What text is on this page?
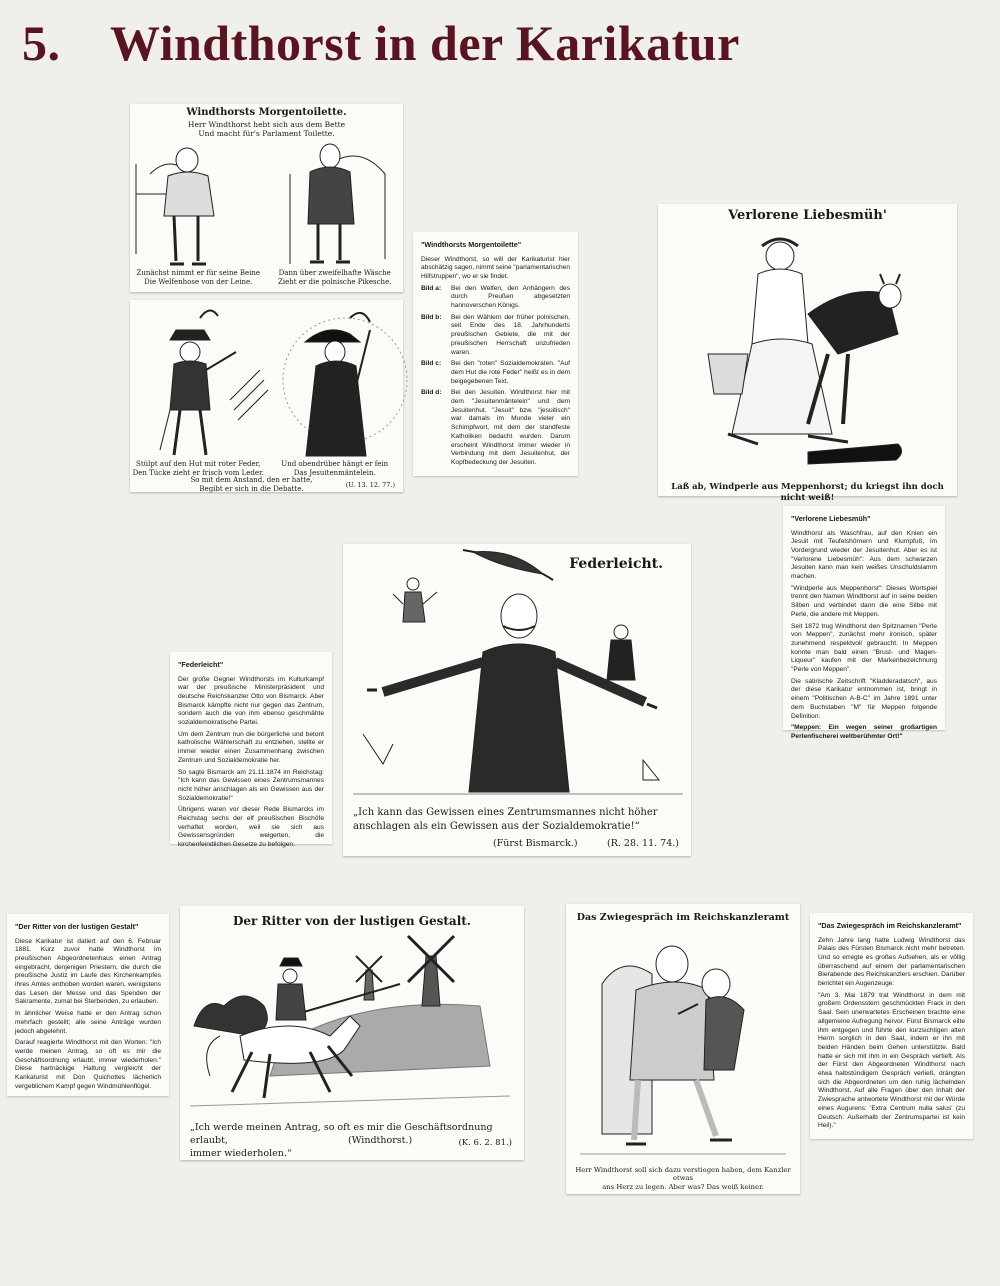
5. Windthorst in der Karikatur
Windthorsts Morgentoilette.
Herr Windthorst hebt sich aus dem Bette
Und macht für's Parlament Toilette.
Zunächst nimmt er für seine Beine
Die Welfenhose von der Leine.
Dann über zweifelhafte Wäsche
Zieht er die polnische Pikesche.
Stülpt auf den Hut mit roter Feder,
Den Tücke zieht er frisch vom Leder.
Und obendrüber hängt er fein
Das Jesuitenmäntelein.
So mit dem Anstand, den er hatte,
Begibt er sich in die Debatte.	(U. 13. 12. 77.)
"Windthorsts Morgentoilette"

Dieser Windthorst, so will der Karikaturist hier abschätzig sagen, nimmt seine "parlamentarischen Hilfstruppen", wo er sie findet.

Bild a:	Bei den Welfen, den Anhängern des durch Preußen abgesetzten hannoverschen Königs.
Bild b:	Bei den Wählern der früher polnischen, seit Ende des 18. Jahrhunderts preußischen Gebiete, die mit der preußischen Herrschaft unzufrieden waren.
Bild c:	Bei den "roten" Sozialdemokraten. "Auf dem Hut die rote Feder" heißt es in dem beigegebenen Text.
Bild d:	Bei den Jesuiten. Windthorst hier mit dem "Jesuitenmäntelein" und dem Jesuitenhut. "Jesuit" bzw. "jesuitisch" war damals im Munde vieler ein Schimpfwort, mit dem der standfeste Katholiken bedacht wurden. Darum erscheint Windthorst immer wieder in Verbindung mit dem Jesuitenhut, der Kopfbedeckung der Jesuiten.
Verlorene Liebesmüh'
Laß ab, Windperle aus Meppenhorst; du kriegst ihn doch nicht weiß!
"Verlorene Liebesmüh"

Windthorst als Waschfrau, auf den Knien ein Jesuit mit Teufelshörnern und Klumpfuß, im Vordergrund wieder der Jesuitenhut. Aber es ist "Verlorene Liebesmüh": Aus dem schwarzen Jesuiten kann man kein weißes Unschuldslamm machen.

"Windperle aus Meppenhorst": Dieses Wortspiel trennt den Namen Windthorst auf in seine beiden Silben und verbindet dann die eine Silbe mit Perle, die andere mit Meppen.

Seit 1872 trug Windthorst den Spitznamen "Perle von Meppen", zunächst mehr ironisch, später zunehmend respektvoll gebraucht. In Meppen konnte man bald einen "Brust- und Magen-Liqueur" kaufen mit der Markenbezeichnung "Perle von Meppen".

Die satirische Zeitschrift "Kladderadatsch", aus der diese Karikatur entnommen ist, bringt in einem "Politischen A-B-C" im Jahre 1891 unter dem Buchstaben "M" für Meppen folgende Definition:

"Meppen: Ein wegen seiner großartigen Perlenfischerei weltberühmter Ort!"

Federleicht.
„Ich kann das Gewissen eines Zentrumsmannes nicht höher
anschlagen als ein Gewissen aus der Sozialdemokratie!“
(Fürst Bismarck.)	(R. 28. 11. 74.)
"Federleicht"

Der große Gegner Windthorsts im Kulturkampf war der preußische Ministerpräsident und deutsche Reichskanzler Otto von Bismarck. Aber Bismarck kämpfte nicht nur gegen das Zentrum, sondern auch die von ihm ebenso geschmähte sozialdemokratische Partei.

Um dem Zentrum nun die bürgerliche und betont katholische Wählerschaft zu entziehen, stellte er immer wieder einen Zusammenhang zwischen Zentrum und Sozialdemokratie her.

So sagte Bismarck am 21.11.1874 im Reichstag: "Ich kann das Gewissen eines Zentrumsmannes nicht höher anschlagen als ein Gewissen aus der Sozialdemokratie!"

Übrigens waren vor dieser Rede Bismarcks im Reichstag sechs der elf preußischen Bischöfe verhaftet worden, weil sie sich aus Gewissensgründen weigerten, die kirchenfeindlichen Gesetze zu befolgen.

"Der Ritter von der lustigen Gestalt"

Diese Karikatur ist datiert auf den 6. Februar 1881. Kurz zuvor hatte Windthorst im preußischen Abgeordnetenhaus einen Antrag eingebracht, denjenigen Priestern, die durch die preußische Justiz im Laufe des Kirchenkampfes ihres Amtes enthoben worden waren, wenigstens das Lesen der Messe und das Spenden der Sakramente, zumal bei Sterbenden, zu erlauben.

In ähnlicher Weise hatte er den Antrag schon mehrfach gestellt; alle seine Anträge wurden jedoch abgelehnt.

Darauf reagierte Windthorst mit den Worten: "Ich werde meinen Antrag, so oft es mir die Geschäftsordnung erlaubt, immer wiederholen." Diese hartnäckige Haltung vergleicht der Karikaturist mit Don Quichottes lächerlich vergeblichem Kampf gegen Windmühlenflügel.

Der Ritter von der lustigen Gestalt.
„Ich werde meinen Antrag, so oft es mir die Geschäftsordnung erlaubt,
immer wiederholen.“
(Windthorst.)	(K. 6. 2. 81.)
Das Zwiegespräch im Reichskanzleramt
Herr Windthorst soll sich dazu verstiegen haben, dem Kanzler etwas
ans Herz zu legen. Aber was? Das weiß keiner.
"Das Zwiegespräch im Reichskanzleramt"

Zehn Jahre lang hatte Ludwig Windthorst das Palais des Fürsten Bismarck nicht mehr betreten. Und so erregte es großes Aufsehen, als er völlig überraschend auf einem der parlamentarischen Bierabende des Reichskanzlers erschien. Darüber berichtet ein Augenzeuge:

"Am 3. Mai 1879 trat Windthorst in dem mit großem Ordensstern geschmückten Frack in den Saal. Sein unerwartetes Erscheinen brachte eine allgemeine Aufregung hervor. Fürst Bismarck eilte ihm entgegen und führte den kurzsichtigen alten Herrn sorglich in den Saal, indem er ihn mit beiden Händen beim Gehen unterstützte. Bald hatte er sich mit ihm in ein Gespräch vertieft. Als der Fürst den Abgeordneten Windthorst nach etwa halbstündigem Gespräch verließ, drängten sich die Abgeordneten um den ruhig lächelnden Windthorst. Auf alle Fragen über den Inhalt der Zwiesprache antwortete Windthorst mit der Würde eines Augurens: 'Extra Centrum nulla salus' (zu Deutsch: Außerhalb der Zentrumspartei ist kein Heil)."
